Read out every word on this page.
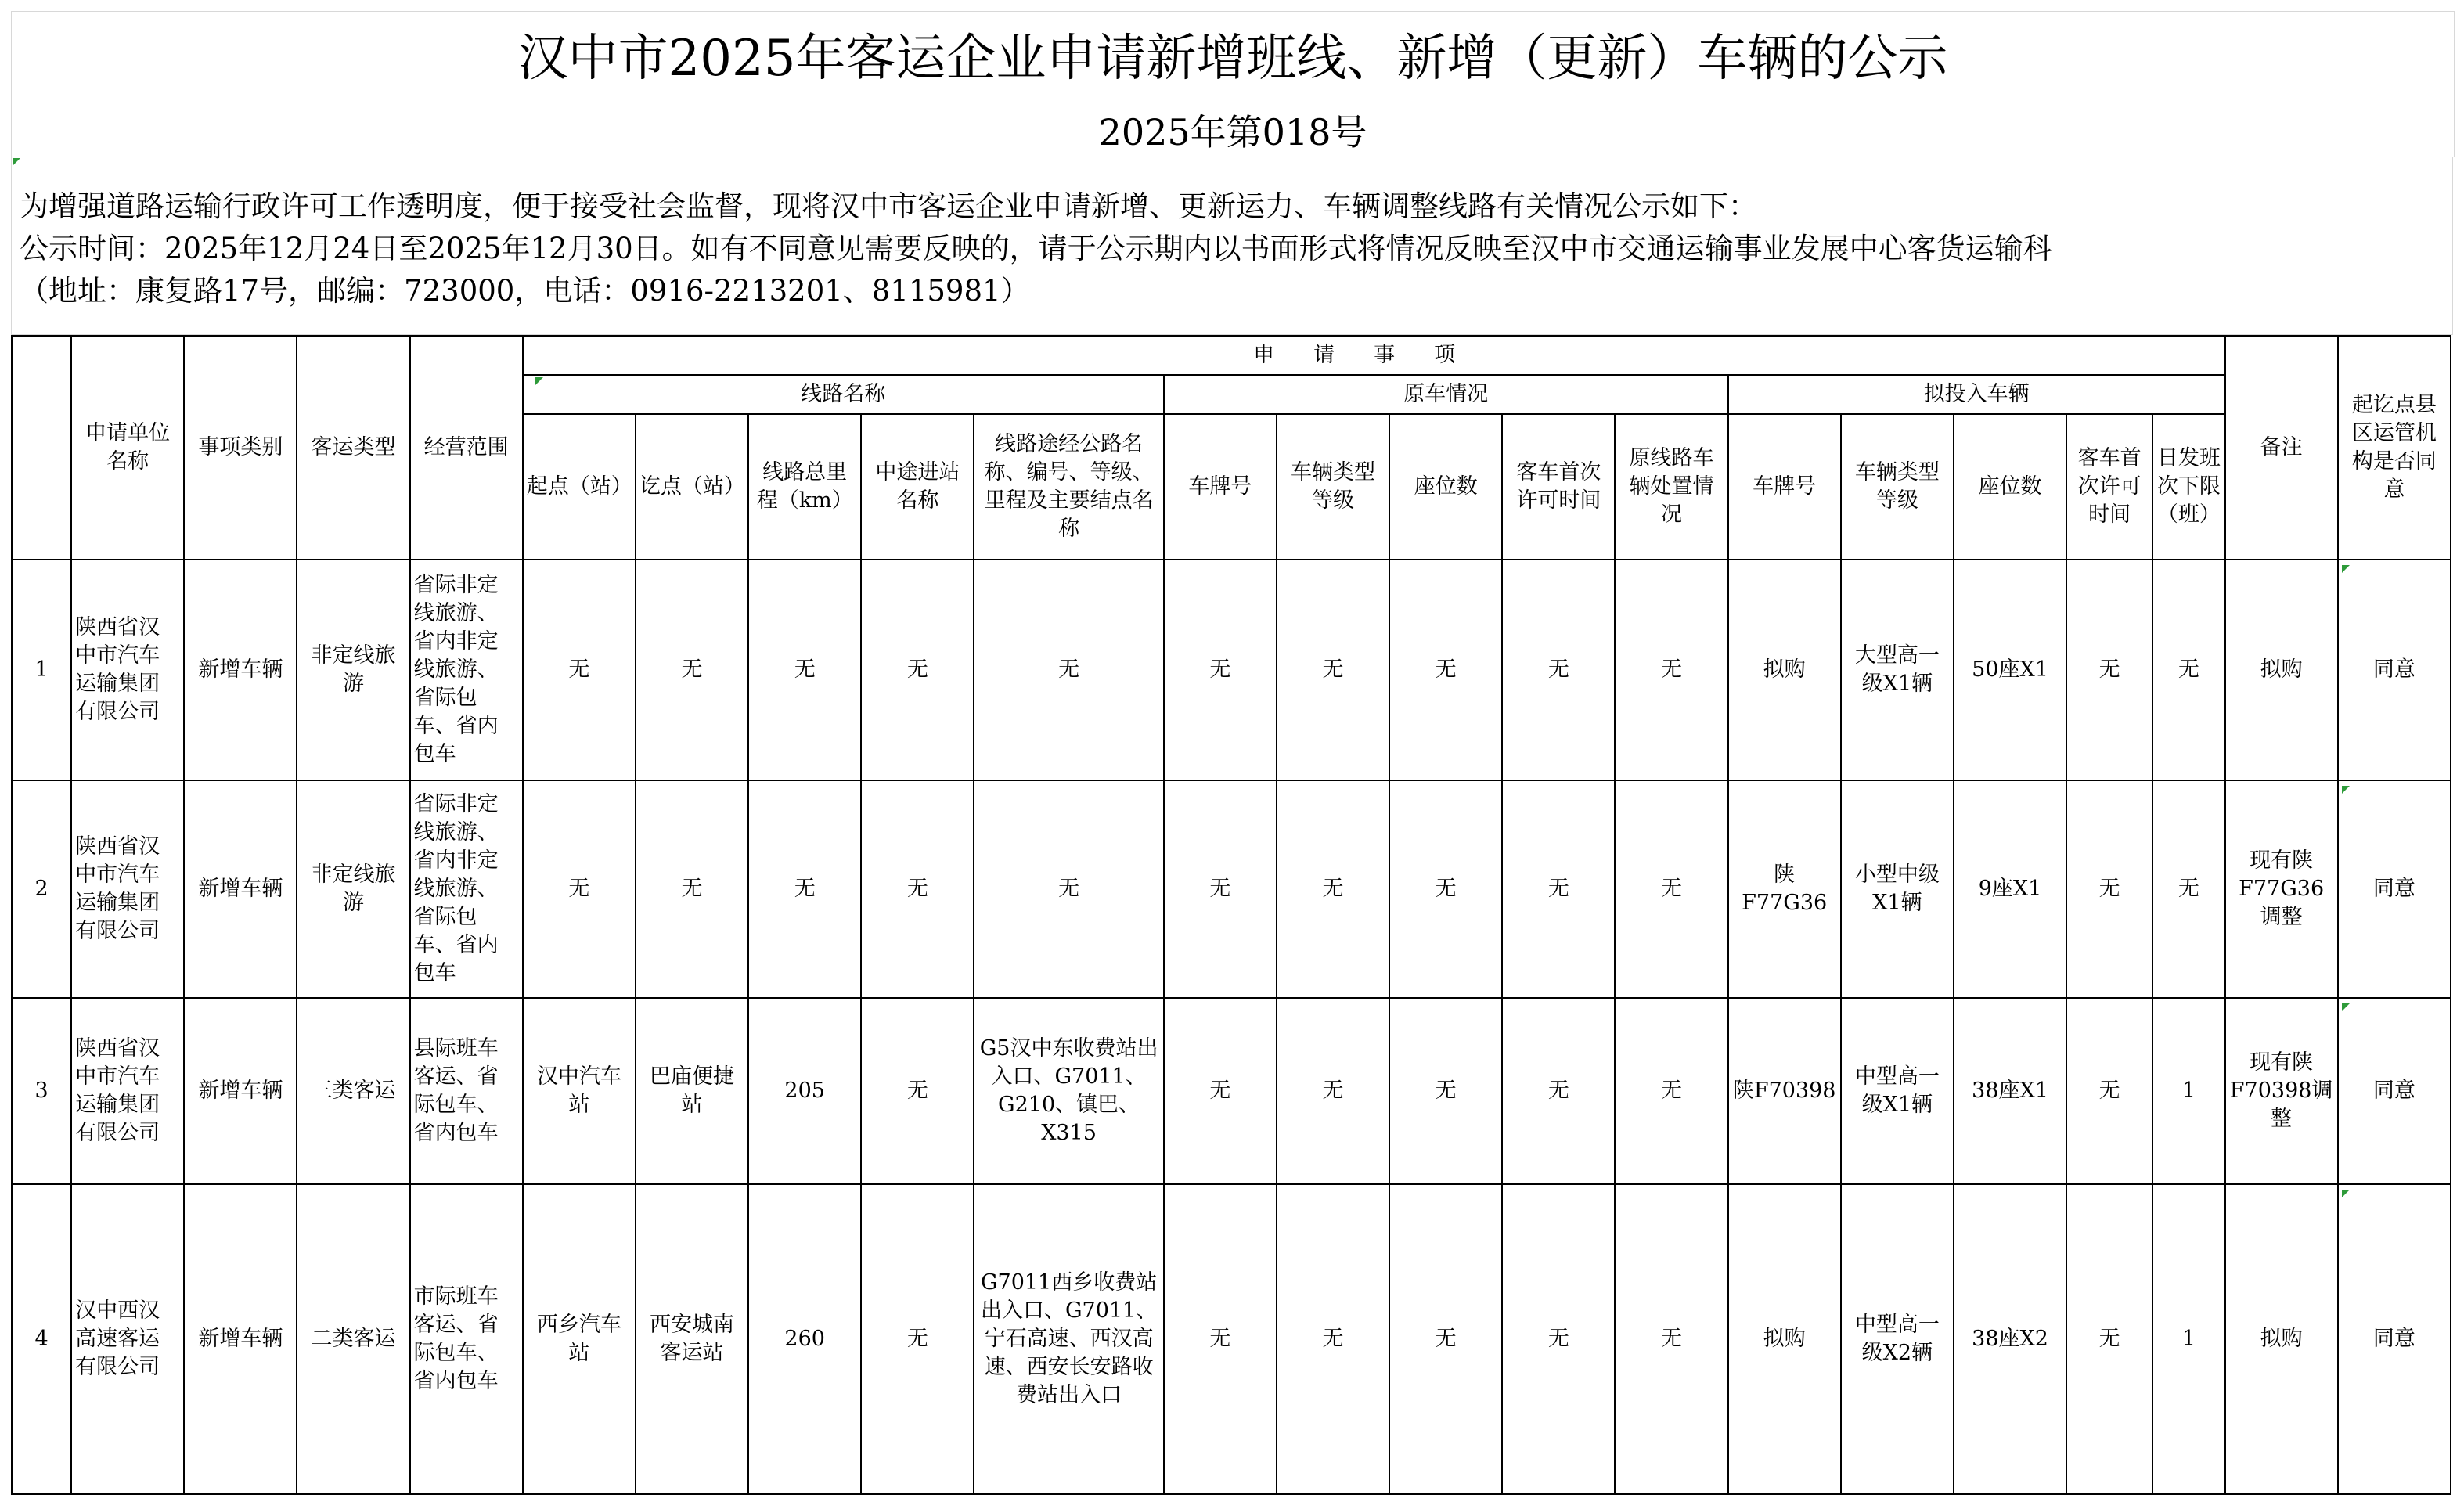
汉中市2025年客运企业申请新增班线、新增（更新）车辆的公示
2025年第018号
为增强道路运输行政许可工作透明度，便于接受社会监督，现将汉中市客运企业申请新增、更新运力、车辆调整线路有关情况公示如下：
公示时间：2025年12月24日至2025年12月30日。如有不同意见需要反映的，请于公示期内以书面形式将情况反映至汉中市交通运输事业发展中心客货运输科
（地址：康复路17号，邮编：723000，电话：0916-2213201、8115981）
	申请单位名称	事项类别	客运类型	经营范围	申请事项															备注	起讫点县区运管机构是否同意
					线路名称					原车情况					拟投入车辆						
					起点（站）	讫点（站）	线路总里程（km）	中途进站名称	线路途经公路名称、编号、等级、里程及主要结点名称	车牌号	车辆类型等级	座位数	客车首次许可时间	原线路车辆处置情况	车牌号	车辆类型等级	座位数	客车首次许可时间	日发班次下限（班）		
1	陕西省汉中市汽车运输集团有限公司	新增车辆	非定线旅游	省际非定线旅游、省内非定线旅游、省际包车、省内包车	无	无	无	无	无	无	无	无	无	无	拟购	大型高一级X1辆	50座X1	无	无	拟购	同意
2	陕西省汉中市汽车运输集团有限公司	新增车辆	非定线旅游	省际非定线旅游、省内非定线旅游、省际包车、省内包车	无	无	无	无	无	无	无	无	无	无	陕F77G36	小型中级X1辆	9座X1	无	无	现有陕F77G36调整	同意
3	陕西省汉中市汽车运输集团有限公司	新增车辆	三类客运	县际班车客运、省际包车、省内包车	汉中汽车站	巴庙便捷站	205	无	G5汉中东收费站出入口、G7011、G210、镇巴、X315	无	无	无	无	无	陕F70398	中型高一级X1辆	38座X1	无	1	现有陕F70398调整	同意
4	汉中西汉高速客运有限公司	新增车辆	二类客运	市际班车客运、省际包车、省内包车	西乡汽车站	西安城南客运站	260	无	G7011西乡收费站出入口、G7011、宁石高速、西汉高速、西安长安路收费站出入口	无	无	无	无	无	拟购	中型高一级X2辆	38座X2	无	1	拟购	同意
